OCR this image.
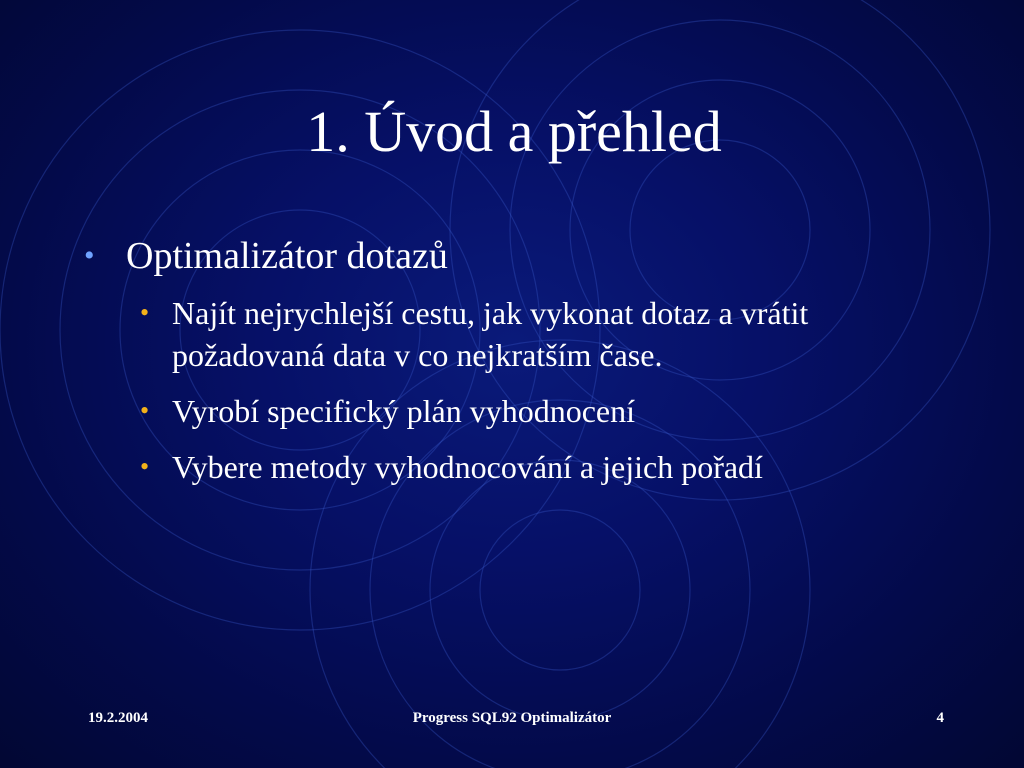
1. Úvod a přehled
• Optimalizátor dotazů
• Najít nejrychlejší cestu, jak vykonat dotaz a vrátit požadovaná data v co nejkratším čase.
• Vyrobí specifický plán vyhodnocení
• Vybere metody vyhodnocování a jejich pořadí
19.2.2004	Progress SQL92 Optimalizátor	4
